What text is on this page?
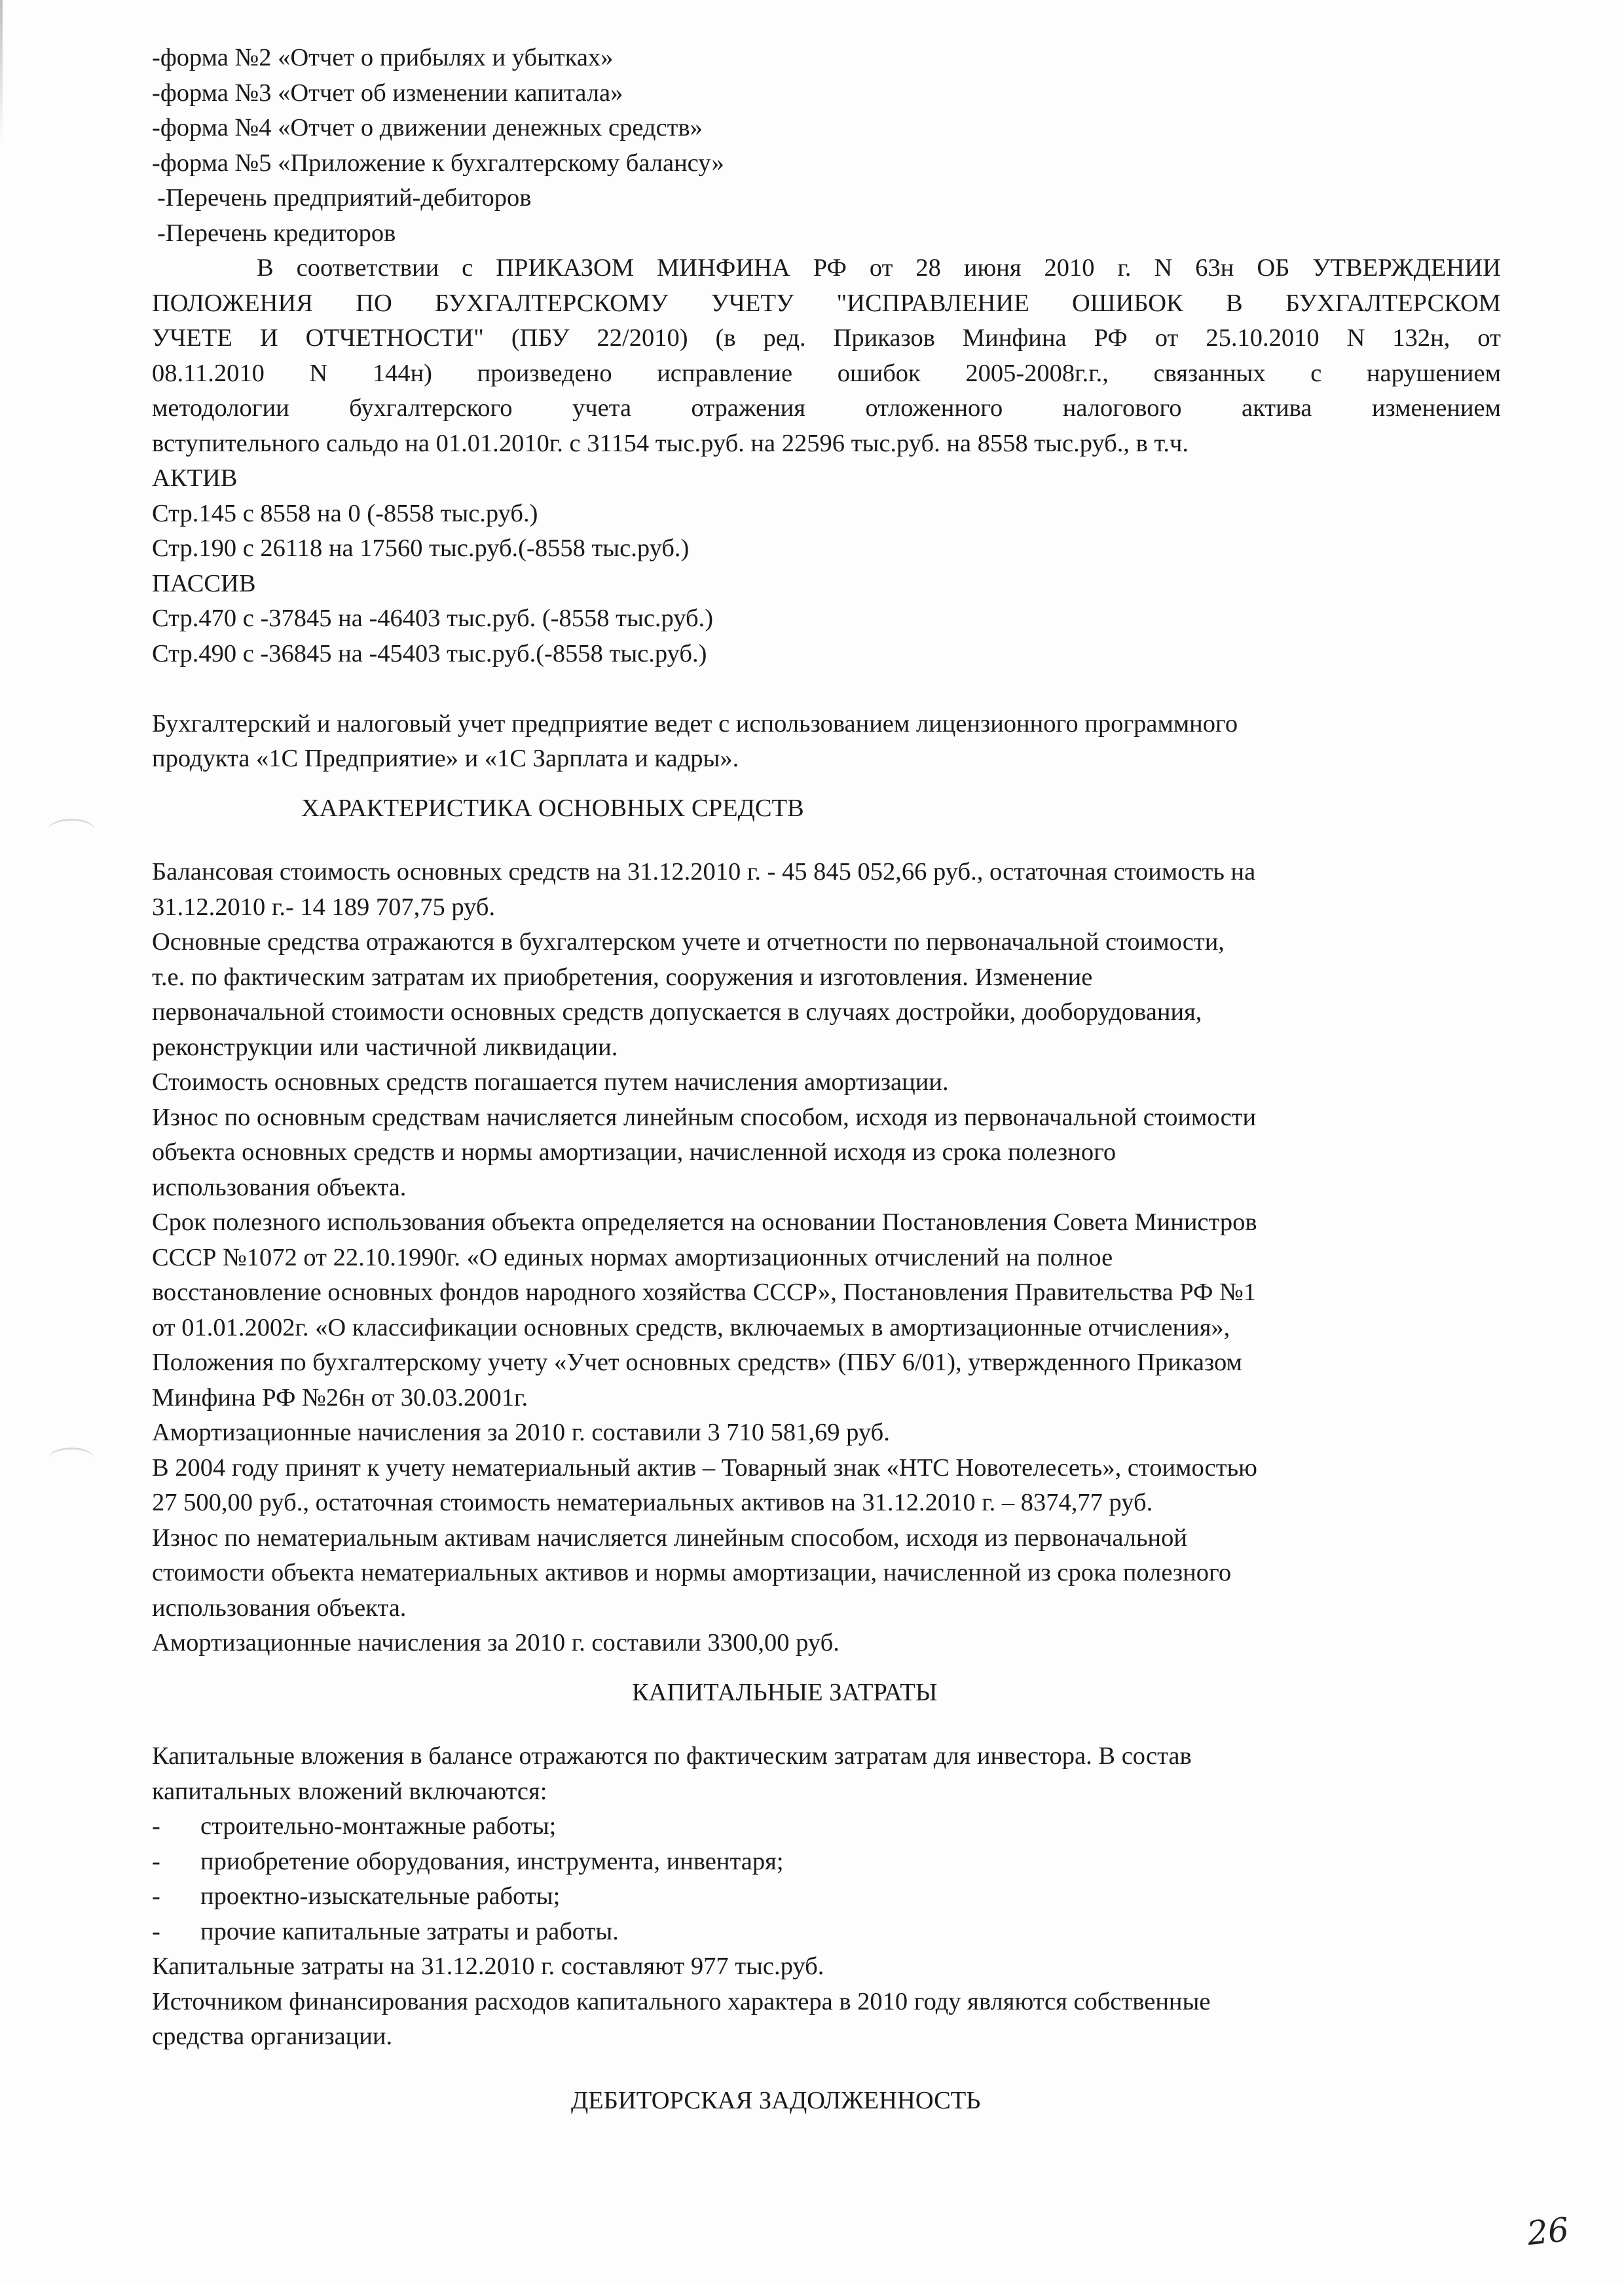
-форма №2 «Отчет о прибылях и убытках»
-форма №3 «Отчет об изменении капитала»
-форма №4 «Отчет о движении денежных средств»
-форма №5 «Приложение к бухгалтерскому балансу»
-Перечень предприятий-дебиторов
-Перечень кредиторов
В соответствии с ПРИКАЗОМ МИНФИНА РФ от 28 июня 2010 г. N 63н ОБ УТВЕРЖДЕНИИ
ПОЛОЖЕНИЯ ПО БУХГАЛТЕРСКОМУ УЧЕТУ "ИСПРАВЛЕНИЕ ОШИБОК В БУХГАЛТЕРСКОМ
УЧЕТЕ И ОТЧЕТНОСТИ" (ПБУ 22/2010) (в ред. Приказов Минфина РФ от 25.10.2010 N 132н, от
08.11.2010 N 144н) произведено исправление ошибок 2005-2008г.г., связанных с нарушением
методологии бухгалтерского учета отражения отложенного налогового актива изменением
вступительного сальдо на 01.01.2010г. с 31154 тыс.руб. на 22596 тыс.руб. на 8558 тыс.руб., в т.ч.
АКТИВ
Стр.145 с 8558 на 0 (-8558 тыс.руб.)
Стр.190 с 26118 на 17560 тыс.руб.(-8558 тыс.руб.)
ПАССИВ
Стр.470 с -37845 на -46403 тыс.руб. (-8558 тыс.руб.)
Стр.490 с -36845 на -45403 тыс.руб.(-8558 тыс.руб.)
Бухгалтерский и налоговый учет предприятие ведет с использованием лицензионного программного
продукта «1С Предприятие» и «1С Зарплата и кадры».
ХАРАКТЕРИСТИКА ОСНОВНЫХ СРЕДСТВ
Балансовая стоимость основных средств на 31.12.2010 г. - 45 845 052,66 руб., остаточная стоимость на
31.12.2010 г.- 14 189 707,75 руб.
Основные средства отражаются в бухгалтерском учете и отчетности по первоначальной стоимости,
т.е. по фактическим затратам их приобретения, сооружения и изготовления. Изменение
первоначальной стоимости основных средств допускается в случаях достройки, дооборудования,
реконструкции или частичной ликвидации.
Стоимость основных средств погашается путем начисления амортизации.
Износ по основным средствам начисляется линейным способом, исходя из первоначальной стоимости
объекта основных средств и нормы амортизации, начисленной исходя из срока полезного
использования объекта.
Срок полезного использования объекта определяется на основании Постановления Совета Министров
СССР №1072 от 22.10.1990г. «О единых нормах амортизационных отчислений на полное
восстановление основных фондов народного хозяйства СССР», Постановления Правительства РФ №1
от 01.01.2002г. «О классификации основных средств, включаемых в амортизационные отчисления»,
Положения по бухгалтерскому учету «Учет основных средств» (ПБУ 6/01), утвержденного Приказом
Минфина РФ №26н от 30.03.2001г.
Амортизационные начисления за 2010 г. составили 3 710 581,69 руб.
В 2004 году принят к учету нематериальный актив – Товарный знак «НТС Новотелесеть», стоимостью
27 500,00 руб., остаточная стоимость нематериальных активов на 31.12.2010 г. – 8374,77 руб.
Износ по нематериальным активам начисляется линейным способом, исходя из первоначальной
стоимости объекта нематериальных активов и нормы амортизации, начисленной из срока полезного
использования объекта.
Амортизационные начисления за 2010 г. составили 3300,00 руб.
КАПИТАЛЬНЫЕ ЗАТРАТЫ
Капитальные вложения в балансе отражаются по фактическим затратам для инвестора. В состав
капитальных вложений включаются:
- строительно-монтажные работы;
- приобретение оборудования, инструмента, инвентаря;
- проектно-изыскательные работы;
- прочие капитальные затраты и работы.
Капитальные затраты на 31.12.2010 г. составляют 977 тыс.руб.
Источником финансирования расходов капитального характера в 2010 году являются собственные
средства организации.
ДЕБИТОРСКАЯ ЗАДОЛЖЕННОСТЬ
26
